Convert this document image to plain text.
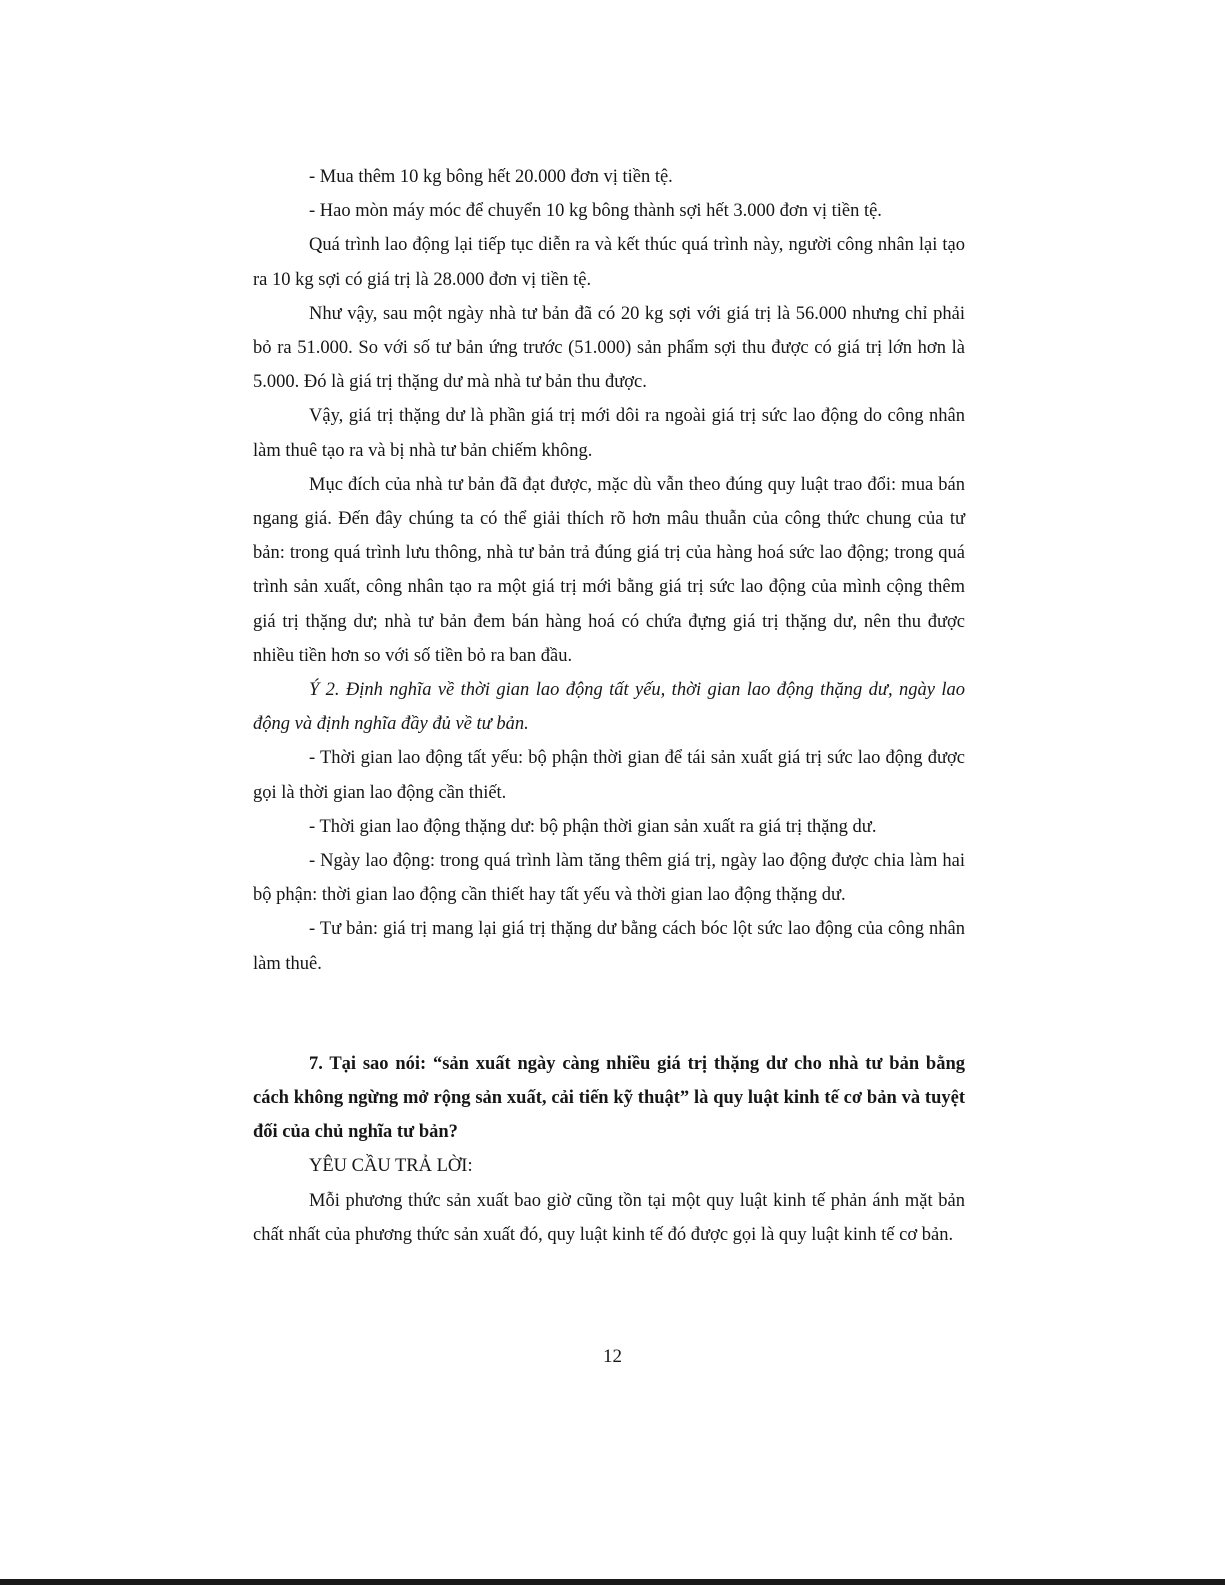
- Mua thêm 10 kg bông hết 20.000 đơn vị tiền tệ.

- Hao mòn máy móc để chuyển 10 kg bông thành sợi hết 3.000 đơn vị tiền tệ.

Quá trình lao động lại tiếp tục diễn ra và kết thúc quá trình này, người công nhân lại tạo ra 10 kg sợi có giá trị là 28.000 đơn vị tiền tệ.

Như vậy, sau một ngày nhà tư bản đã có 20 kg sợi với giá trị là 56.000 nhưng chỉ phải bỏ ra 51.000. So với số tư bản ứng trước (51.000) sản phẩm sợi thu được có giá trị lớn hơn là 5.000. Đó là giá trị thặng dư mà nhà tư bản thu được.

Vậy, giá trị thặng dư là phần giá trị mới dôi ra ngoài giá trị sức lao động do công nhân làm thuê tạo ra và bị nhà tư bản chiếm không.

Mục đích của nhà tư bản đã đạt được, mặc dù vẫn theo đúng quy luật trao đổi: mua bán ngang giá. Đến đây chúng ta có thể giải thích rõ hơn mâu thuẫn của công thức chung của tư bản: trong quá trình lưu thông, nhà tư bản trả đúng giá trị của hàng hoá sức lao động; trong quá trình sản xuất, công nhân tạo ra một giá trị mới bằng giá trị sức lao động của mình cộng thêm giá trị thặng dư; nhà tư bản đem bán hàng hoá có chứa đựng giá trị thặng dư, nên thu được nhiều tiền hơn so với số tiền bỏ ra ban đầu.

Ý 2. Định nghĩa về thời gian lao động tất yếu, thời gian lao động thặng dư, ngày lao động và định nghĩa đầy đủ về tư bản.

- Thời gian lao động tất yếu: bộ phận thời gian để tái sản xuất giá trị sức lao động được gọi là thời gian lao động cần thiết.

- Thời gian lao động thặng dư: bộ phận thời gian sản xuất ra giá trị thặng dư.

- Ngày lao động: trong quá trình làm tăng thêm giá trị, ngày lao động được chia làm hai bộ phận: thời gian lao động cần thiết hay tất yếu và thời gian lao động thặng dư.

- Tư bản: giá trị mang lại giá trị thặng dư bằng cách bóc lột sức lao động của công nhân làm thuê.

7. Tại sao nói: “sản xuất ngày càng nhiều giá trị thặng dư cho nhà tư bản bằng cách không ngừng mở rộng sản xuất, cải tiến kỹ thuật” là quy luật kinh tế cơ bản và tuyệt đối của chủ nghĩa tư bản?

YÊU CẦU TRẢ LỜI:

Mỗi phương thức sản xuất bao giờ cũng tồn tại một quy luật kinh tế phản ánh mặt bản chất nhất của phương thức sản xuất đó, quy luật kinh tế đó được gọi là quy luật kinh tế cơ bản.

12
